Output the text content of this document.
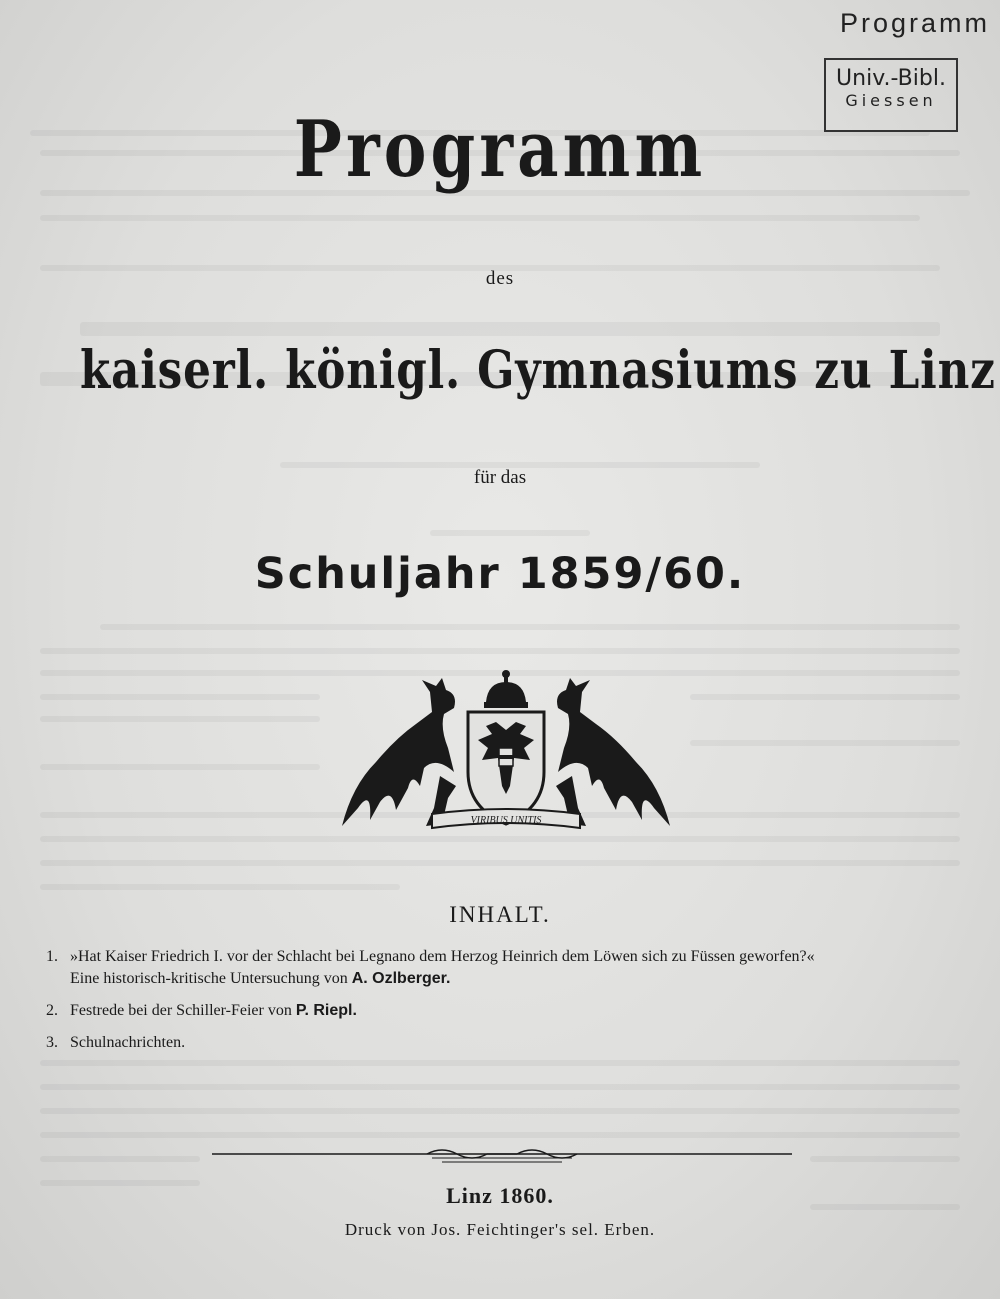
Programm
Univ.-Bibl.
Giessen
Programm
des
kaiserl. königl. Gymnasiums zu Linz
für das
Schuljahr 1859/60.
VIRIBUS UNITIS
INHALT.
1. »Hat Kaiser Friedrich I. vor der Schlacht bei Legnano dem Herzog Heinrich dem Löwen sich zu Füssen geworfen?«
Eine historisch-kritische Untersuchung von A. Ozlberger.
2. Festrede bei der Schiller-Feier von P. Riepl.
3. Schulnachrichten.
Linz 1860.
Druck von Jos. Feichtinger's sel. Erben.
